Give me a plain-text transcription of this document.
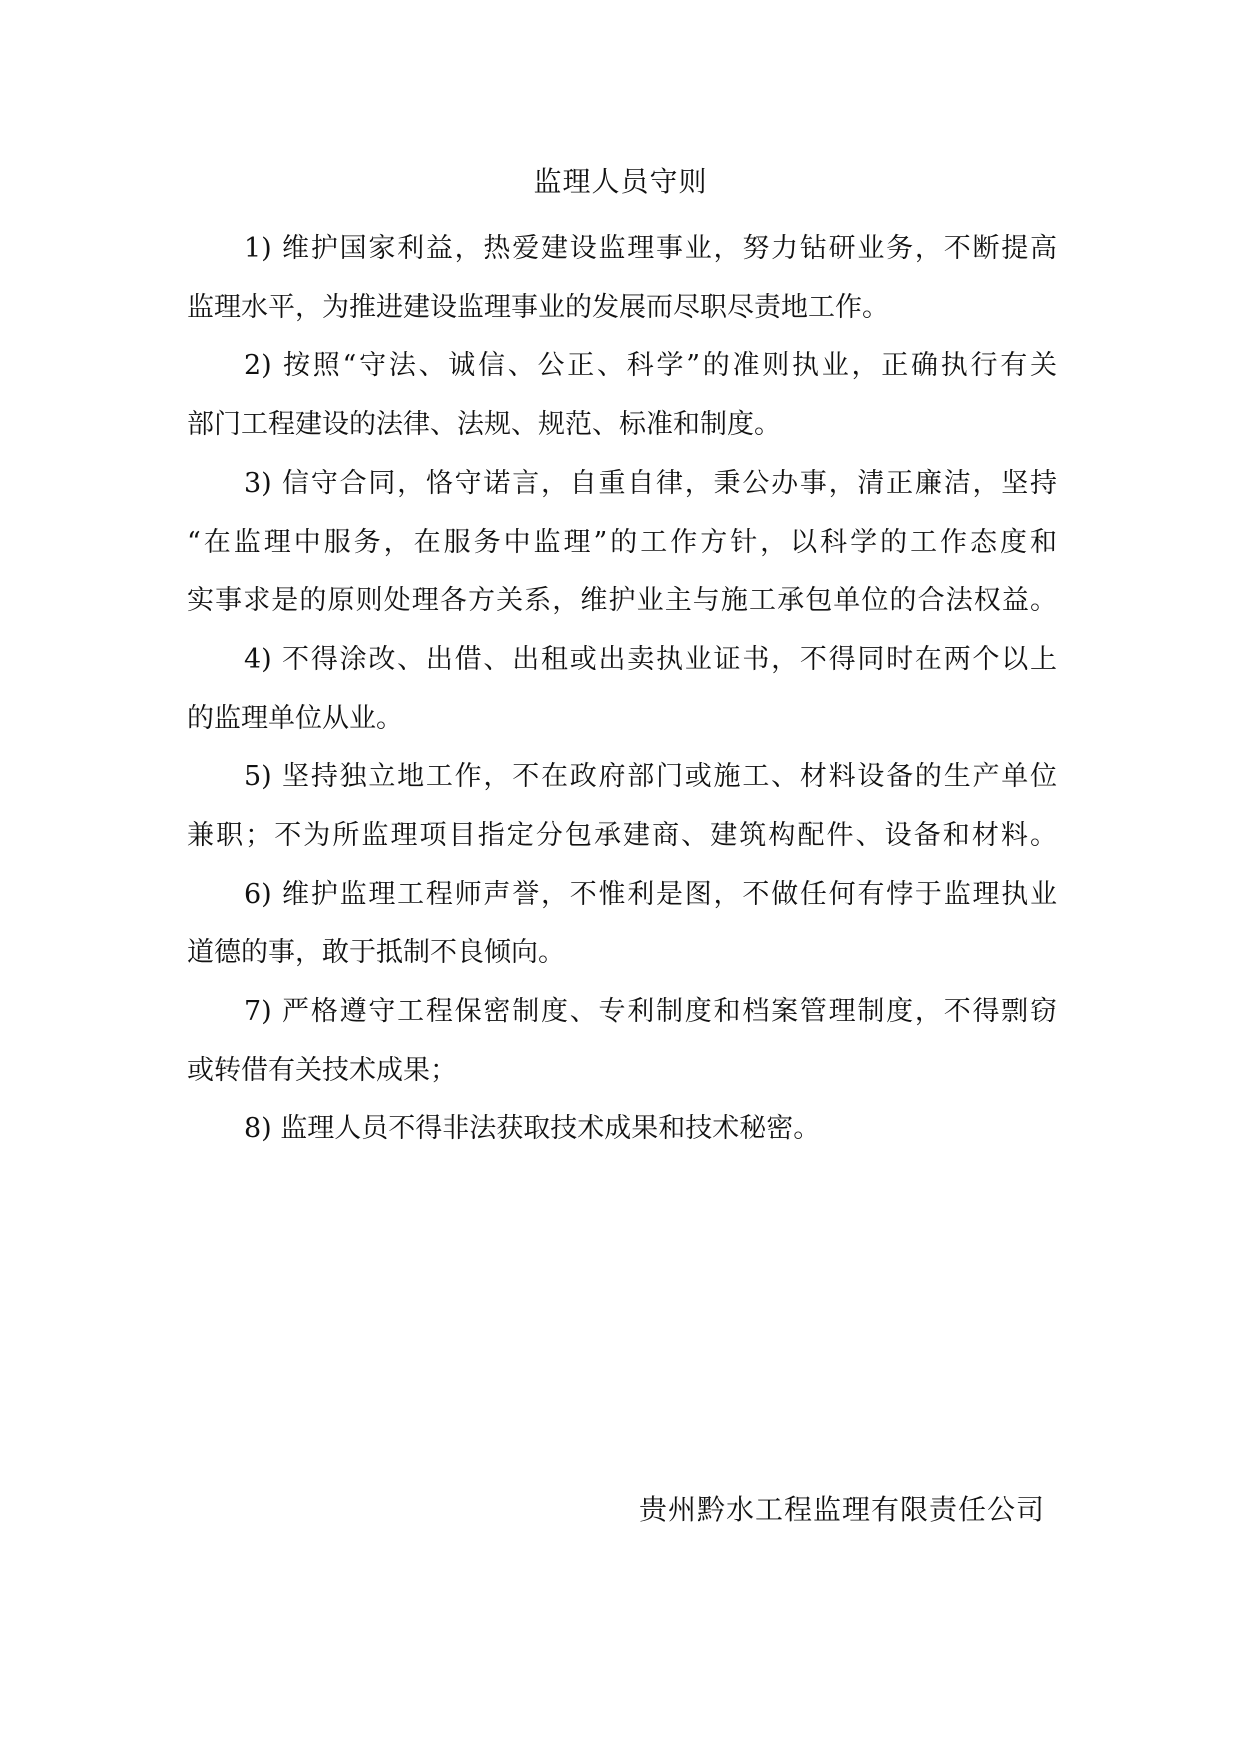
监理人员守则
1) 维护国家利益，热爱建设监理事业，努力钻研业务，不断提高
监理水平，为推进建设监理事业的发展而尽职尽责地工作。
2) 按照“守法、诚信、公正、科学”的准则执业，正确执行有关
部门工程建设的法律、法规、规范、标准和制度。
3) 信守合同，恪守诺言，自重自律，秉公办事，清正廉洁，坚持
“在监理中服务，在服务中监理”的工作方针，以科学的工作态度和
实事求是的原则处理各方关系，维护业主与施工承包单位的合法权益。
4) 不得涂改、出借、出租或出卖执业证书，不得同时在两个以上
的监理单位从业。
5) 坚持独立地工作，不在政府部门或施工、材料设备的生产单位
兼职；不为所监理项目指定分包承建商、建筑构配件、设备和材料。
6) 维护监理工程师声誉，不惟利是图，不做任何有悖于监理执业
道德的事，敢于抵制不良倾向。
7) 严格遵守工程保密制度、专利制度和档案管理制度，不得剽窃
或转借有关技术成果；
8) 监理人员不得非法获取技术成果和技术秘密。
贵州黔水工程监理有限责任公司
